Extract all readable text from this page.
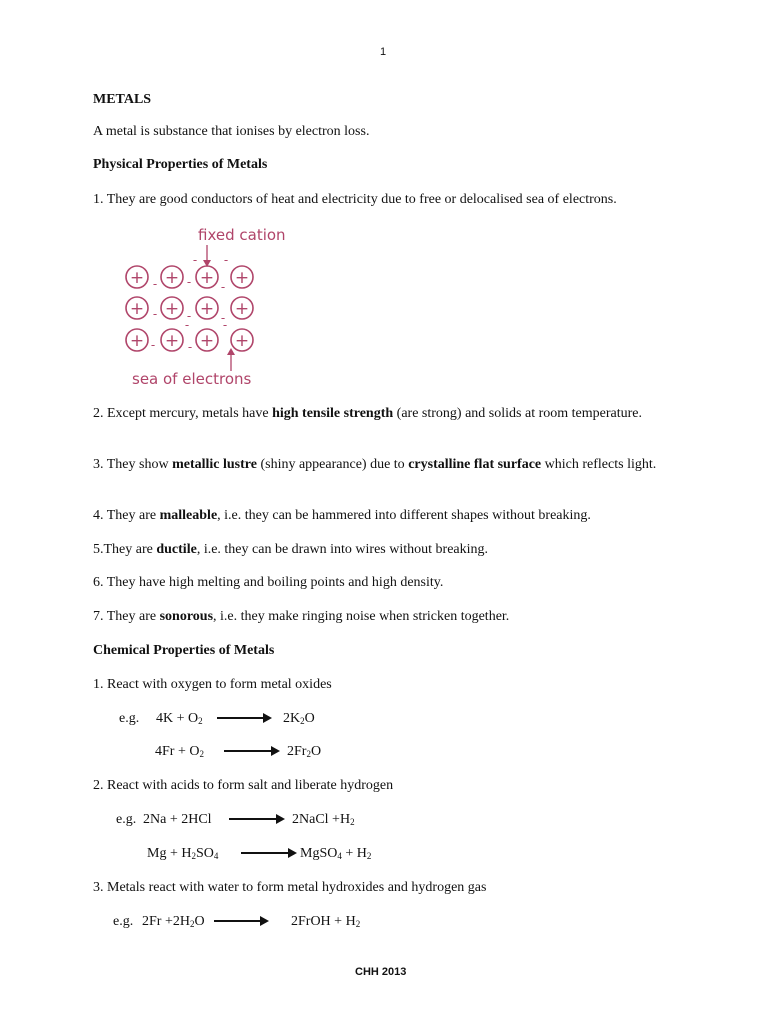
1
METALS
A metal is substance that ionises by electron loss.
Physical Properties of Metals
1. They are good conductors of heat and electricity due to free or delocalised sea of electrons.
fixed cation
+ + + +
+ + + +
+ + + +
- - -
- -
- - -
-
-
-
-
sea of electrons
2. Except mercury, metals have high tensile strength (are strong) and solids at room temperature.
3. They show metallic lustre (shiny appearance) due to crystalline flat surface which reflects light.
4. They are malleable, i.e. they can be hammered into different shapes without breaking.
5.They are ductile, i.e. they can be drawn into wires without breaking.
6. They have high melting and boiling points and high density.
7. They are sonorous, i.e. they make ringing noise when stricken together.
Chemical Properties of Metals
1. React with oxygen to form metal oxides
e.g. $4K + O_2$	$2K_2O$
$4Fr + O_2$	$2Fr_2O$
2. React with acids to form salt and liberate hydrogen
e.g. 2Na + 2HCl	2NaCl $+H_2$
$Mg + H_2SO_4$	MgSO$_4$ + $H_2$
3. Metals react with water to form metal hydroxides and hydrogen gas
e.g. $2Fr +2H_2O$	2FrOH + $H_2$
CHH 2013
